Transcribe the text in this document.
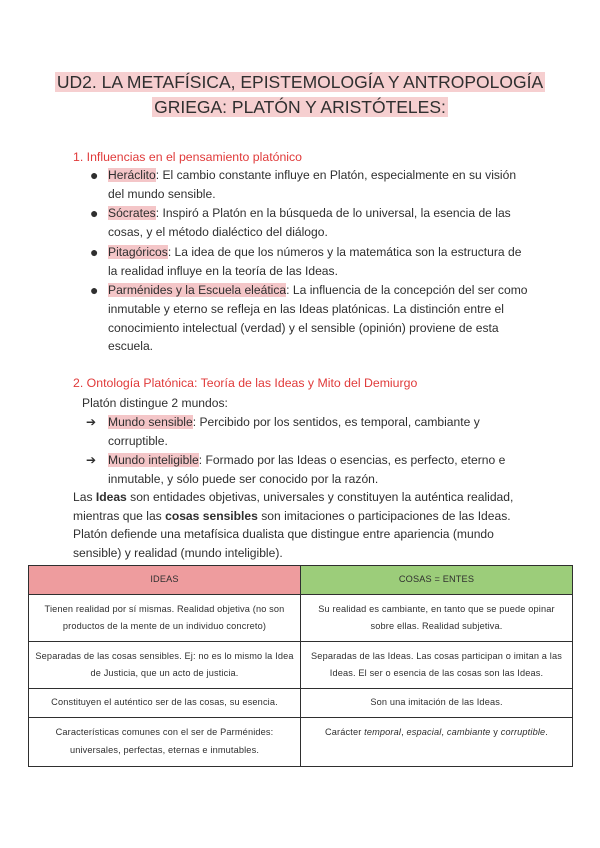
UD2. LA METAFÍSICA, EPISTEMOLOGÍA Y ANTROPOLOGÍA
GRIEGA: PLATÓN Y ARISTÓTELES:
1. Influencias en el pensamiento platónico
● Heráclito: El cambio constante influye en Platón, especialmente en su visión del mundo sensible.
● Sócrates: Inspiró a Platón en la búsqueda de lo universal, la esencia de las cosas, y el método dialéctico del diálogo.
● Pitagóricos: La idea de que los números y la matemática son la estructura de la realidad influye en la teoría de las Ideas.
● Parménides y la Escuela eleática: La influencia de la concepción del ser como inmutable y eterno se refleja en las Ideas platónicas. La distinción entre el conocimiento intelectual (verdad) y el sensible (opinión) proviene de esta escuela.
2. Ontología Platónica: Teoría de las Ideas y Mito del Demiurgo
Platón distingue 2 mundos:
➔ Mundo sensible: Percibido por los sentidos, es temporal, cambiante y corruptible.
➔ Mundo inteligible: Formado por las Ideas o esencias, es perfecto, eterno e inmutable, y sólo puede ser conocido por la razón.
Las Ideas son entidades objetivas, universales y constituyen la auténtica realidad, mientras que las cosas sensibles son imitaciones o participaciones de las Ideas. Platón defiende una metafísica dualista que distingue entre apariencia (mundo sensible) y realidad (mundo inteligible).
IDEAS	COSAS = ENTES
Tienen realidad por sí mismas. Realidad objetiva (no son productos de la mente de un individuo concreto)	Su realidad es cambiante, en tanto que se puede opinar sobre ellas. Realidad subjetiva.
Separadas de las cosas sensibles. Ej: no es lo mismo la Idea de Justicia, que un acto de justicia.	Separadas de las Ideas. Las cosas participan o imitan a las Ideas. El ser o esencia de las cosas son las Ideas.
Constituyen el auténtico ser de las cosas, su esencia.	Son una imitación de las Ideas.
Características comunes con el ser de Parménides: universales, perfectas, eternas e inmutables.	Carácter temporal, espacial, cambiante y corruptible.
